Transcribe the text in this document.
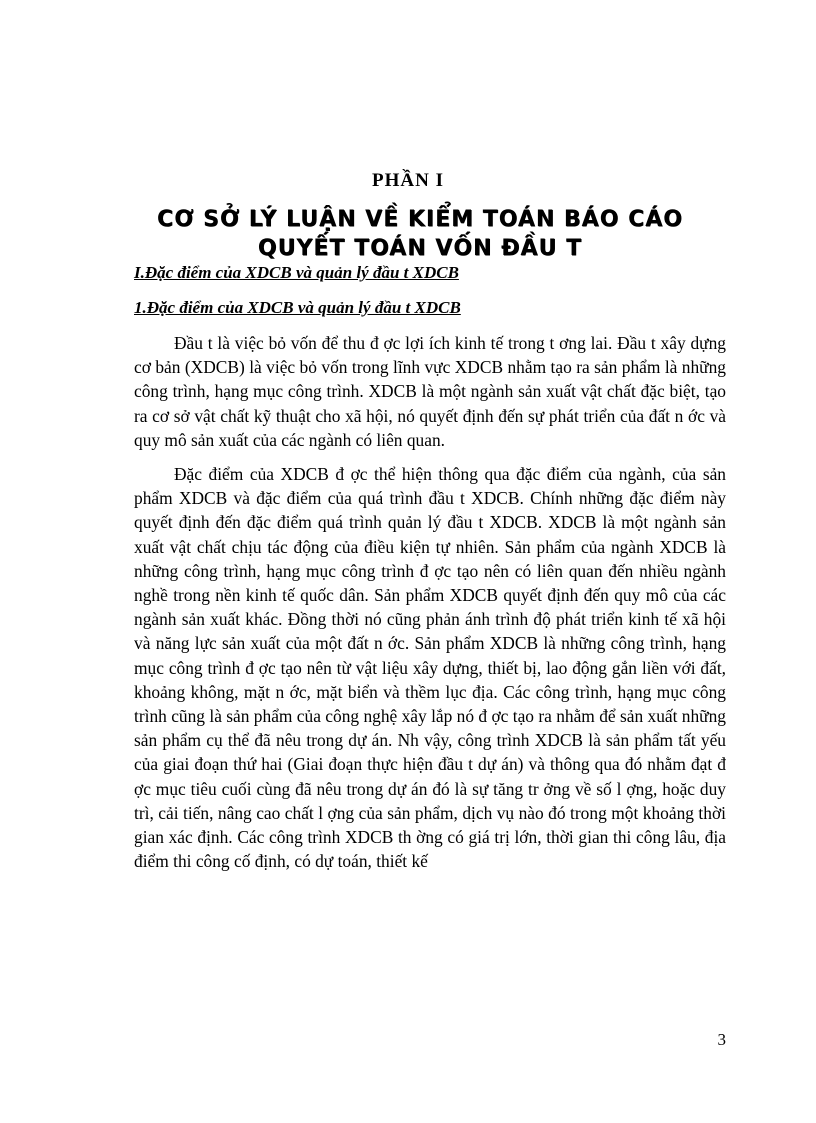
PHẦN I
CƠ SỞ LÝ LUẬN VỀ KIỂM TOÁN BÁO CÁO QUYẾT TOÁN VỐN ĐẦU T
I.Đặc điểm của XDCB và quản lý đầu t XDCB
1.Đặc điểm của XDCB và quản lý đầu t XDCB

Đầu t là việc bỏ vốn để thu đ ợc lợi ích kinh tế trong t ơng lai. Đầu t xây dựng cơ bản (XDCB) là việc bỏ vốn trong lĩnh vực XDCB nhằm tạo ra sản phẩm là những công trình, hạng mục công trình. XDCB là một ngành sản xuất vật chất đặc biệt, tạo ra cơ sở vật chất kỹ thuật cho xã hội, nó quyết định đến sự phát triển của đất n ớc và quy mô sản xuất của các ngành có liên quan.

Đặc điểm của XDCB đ ợc thể hiện thông qua đặc điểm của ngành, của sản phẩm XDCB và đặc điểm của quá trình đầu t XDCB. Chính những đặc điểm này quyết định đến đặc điểm quá trình quản lý đầu t XDCB. XDCB là một ngành sản xuất vật chất chịu tác động của điều kiện tự nhiên. Sản phẩm của ngành XDCB là những công trình, hạng mục công trình đ ợc tạo nên có liên quan đến nhiều ngành nghề trong nền kinh tế quốc dân. Sản phẩm XDCB quyết định đến quy mô của các ngành sản xuất khác. Đồng thời nó cũng phản ánh trình độ phát triển kinh tế xã hội và năng lực sản xuất của một đất n ớc. Sản phẩm XDCB là những công trình, hạng mục công trình đ ợc tạo nên từ vật liệu xây dựng, thiết bị, lao động gắn liền với đất, khoảng không, mặt n ớc, mặt biển và thềm lục địa. Các công trình, hạng mục công trình cũng là sản phẩm của công nghệ xây lắp nó đ ợc tạo ra nhằm để sản xuất những sản phẩm cụ thể đã nêu trong dự án. Nh vậy, công trình XDCB là sản phẩm tất yếu của giai đoạn thứ hai (Giai đoạn thực hiện đầu t dự án) và thông qua đó nhằm đạt đ ợc mục tiêu cuối cùng đã nêu trong dự án đó là sự tăng tr ởng về số l ợng, hoặc duy trì, cải tiến, nâng cao chất l ợng của sản phẩm, dịch vụ nào đó trong một khoảng thời gian xác định. Các công trình XDCB th ờng có giá trị lớn, thời gian thi công lâu, địa điểm thi công cố định, có dự toán, thiết kế

3
